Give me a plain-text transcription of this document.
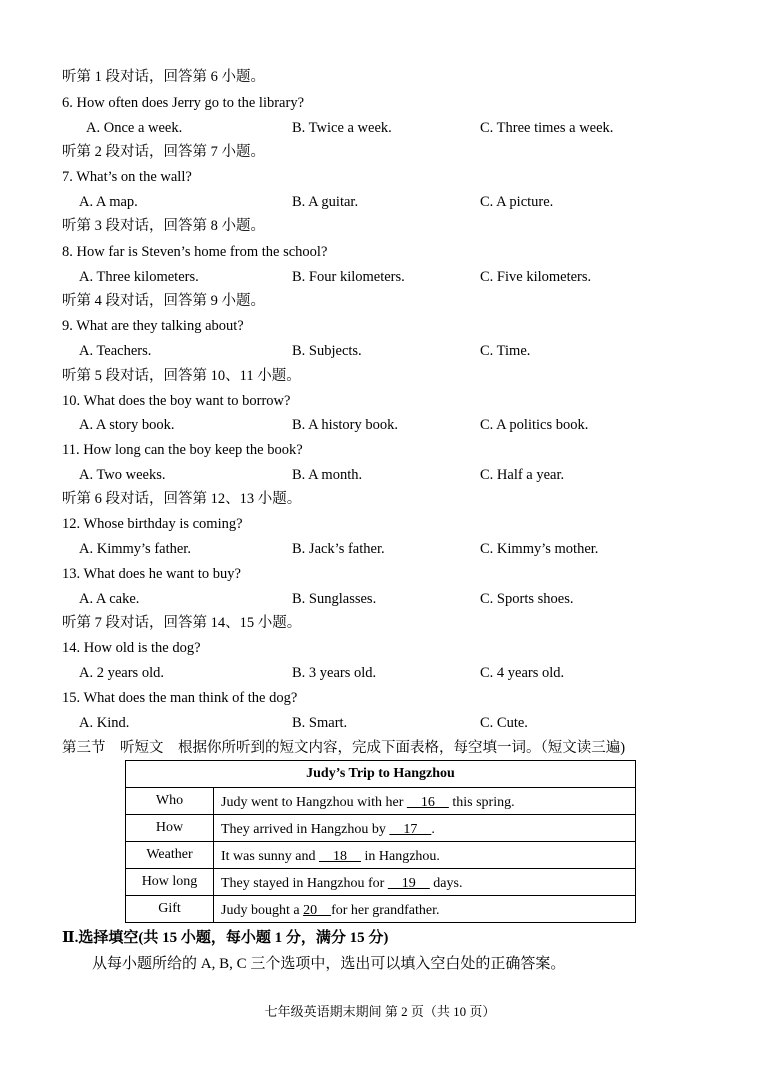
听第 1 段对话，回答第 6 小题。
6. How often does Jerry go to the library?
A. Once a week.	B. Twice a week.	C. Three times a week.
听第 2 段对话，回答第 7 小题。
7. What’s on the wall?
A. A map.	B. A guitar.	C. A picture.
听第 3 段对话，回答第 8 小题。
8. How far is Steven’s home from the school?
A. Three kilometers.	B. Four kilometers.	C. Five kilometers.
听第 4 段对话，回答第 9 小题。
9. What are they talking about?
A. Teachers.	B. Subjects.	C. Time.
听第 5 段对话，回答第 10、11 小题。
10. What does the boy want to borrow?
A. A story book.	B. A history book.	C. A politics book.
11. How long can the boy keep the book?
A. Two weeks.	B. A month.	C. Half a year.
听第 6 段对话，回答第 12、13 小题。
12. Whose birthday is coming?
A. Kimmy’s father.	B. Jack’s father.	C. Kimmy’s mother.
13. What does he want to buy?
A. A cake.	B. Sunglasses.	C. Sports shoes.
听第 7 段对话，回答第 14、15 小题。
14. How old is the dog?
A. 2 years old.	B. 3 years old.	C. 4 years old.
15. What does the man think of the dog?
A. Kind.	B. Smart.	C. Cute.
第三节　听短文　根据你所听到的短文内容，完成下面表格，每空填一词。（短文读三遍)
Judy’s Trip to Hangzhou	
Who	Judy went to Hangzhou with her 　16　 this spring.
How	They arrived in Hangzhou by 　17　.
Weather	It was sunny and 　18　 in Hangzhou.
How long	They stayed in Hangzhou for 　19　 days.
Gift	Judy bought a 20　for her grandfather.
Ⅱ.选择填空(共 15 小题，每小题 1 分，满分 15 分)
从每小题所给的 A, B, C 三个选项中，选出可以填入空白处的正确答案。
七年级英语期末期间 第 2 页（共 10 页）
